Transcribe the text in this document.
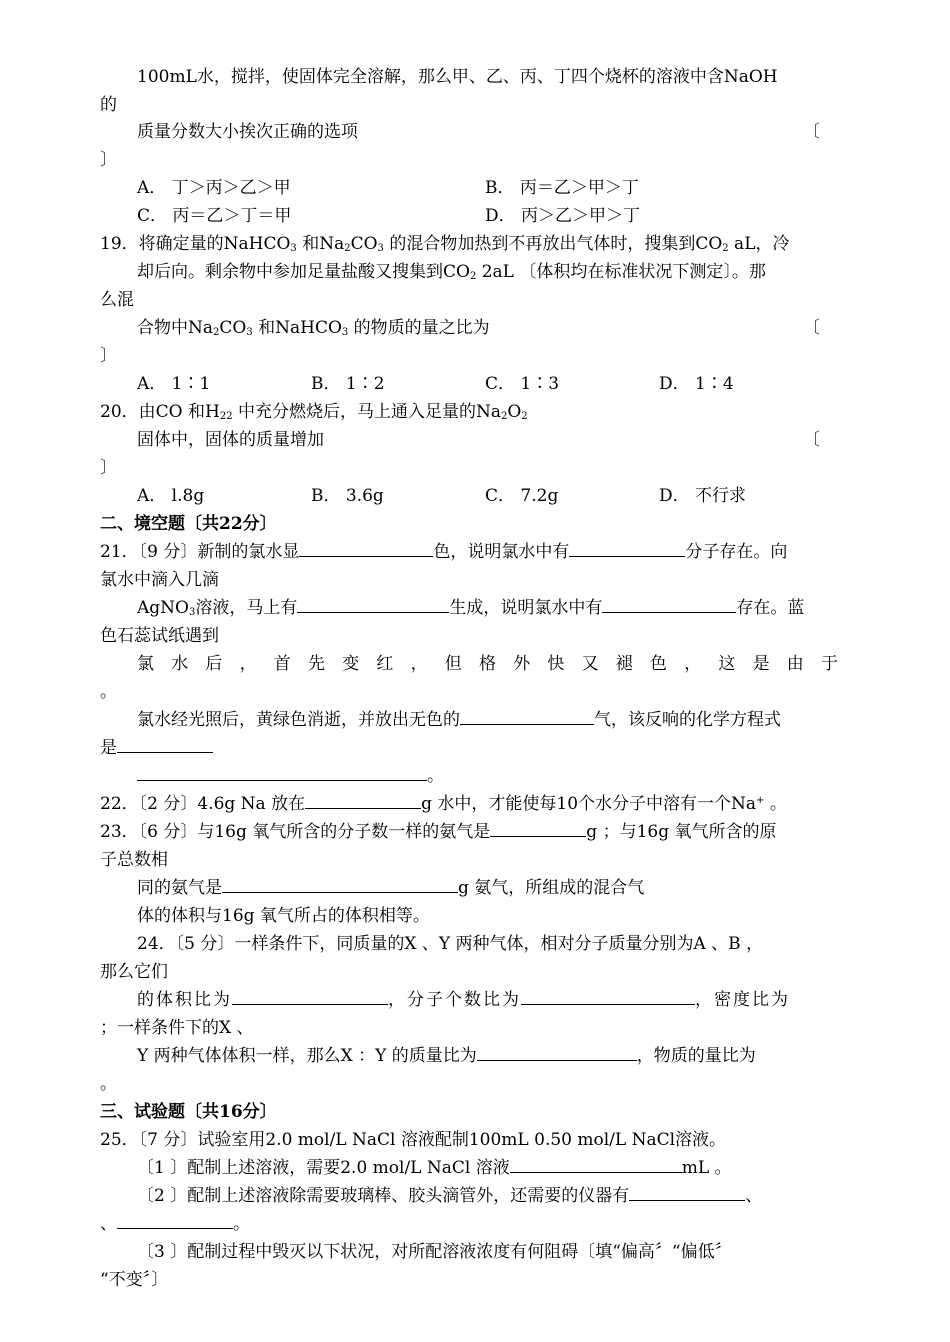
100mL水，搅拌，使固体完全溶解，那么甲、乙、丙、丁四个烧杯的溶液中含NaOH
的
质量分数大小挨次正确的选项	〔
〕
A． 丁＞丙＞乙＞甲	B． 丙＝乙＞甲＞丁
C． 丙＝乙＞丁＝甲	D． 丙＞乙＞甲＞丁
19．将确定量的NaHCO$_3$ 和$Na_2CO_3$ 的混合物加热到不再放出气体时，搜集到$CO_2$ aL，冷
却后向。剩余物中参加足量盐酸又搜集到$CO_2$ 2aL 〔体积均在标准状况下测定〕。那
么混
合物中$Na_2CO_3$ 和NaHCO$_3$ 的物质的量之比为	〔
〕
A． 1∶1	B． 1∶2	C． 1∶3	D． 1∶4
20．由CO 和$H_{22}$ 中充分燃烧后，马上通入足量的$Na_2O_2$
固体中，固体的质量增加	〔
〕
A． l.8g	B． 3.6g	C． 7.2g	D． 不行求
二、境空题〔共22分〕
21．〔9 分〕新制的氯水显	色，说明氯水中有	分子存在。向
氯水中滴入几滴
AgNO$_3$溶液，马上有	生成，说明氯水中有	存在。蓝
色石蕊试纸遇到
氯水后，首先变红，但格外快又褪色，这是由于
。
氯水经光照后，黄绿色消逝，并放出无色的	气，该反响的化学方程式
是
。
22．〔2 分〕4.6g Na 放在	g 水中，才能使每10个水分子中溶有一个Na+ 。
23．〔6 分〕与16g 氧气所含的分子数一样的氨气是	g ；与16g 氧气所含的原
子总数相
同的氨气是	g 氨气，所组成的混合气
体的体积与16g 氧气所占的体积相等。
24．〔5 分〕一样条件下，同质量的X 、Y 两种气体，相对分子质量分别为A 、B ，
那么它们
的体积比为	，分子个数比为	，密度比为
；一样条件下的X 、
Y 两种气体体积一样，那么X ：Y 的质量比为	，物质的量比为
。
三、试验题〔共16分〕
25．〔7 分〕试验室用2.0 mol/L NaCl 溶液配制100mL 0.50 mol/L NaCl溶液。
〔1 〕配制上述溶液，需要2.0 mol/L NaCl 溶液	mL 。
〔2 〕配制上述溶液除需要玻璃棒、胶头滴管外，还需要的仪器有	、
、	。
〔3 〕配制过程中毁灭以下状况，对所配溶液浓度有何阻碍〔填“偏高〞“偏低〞
“不变〞〕
